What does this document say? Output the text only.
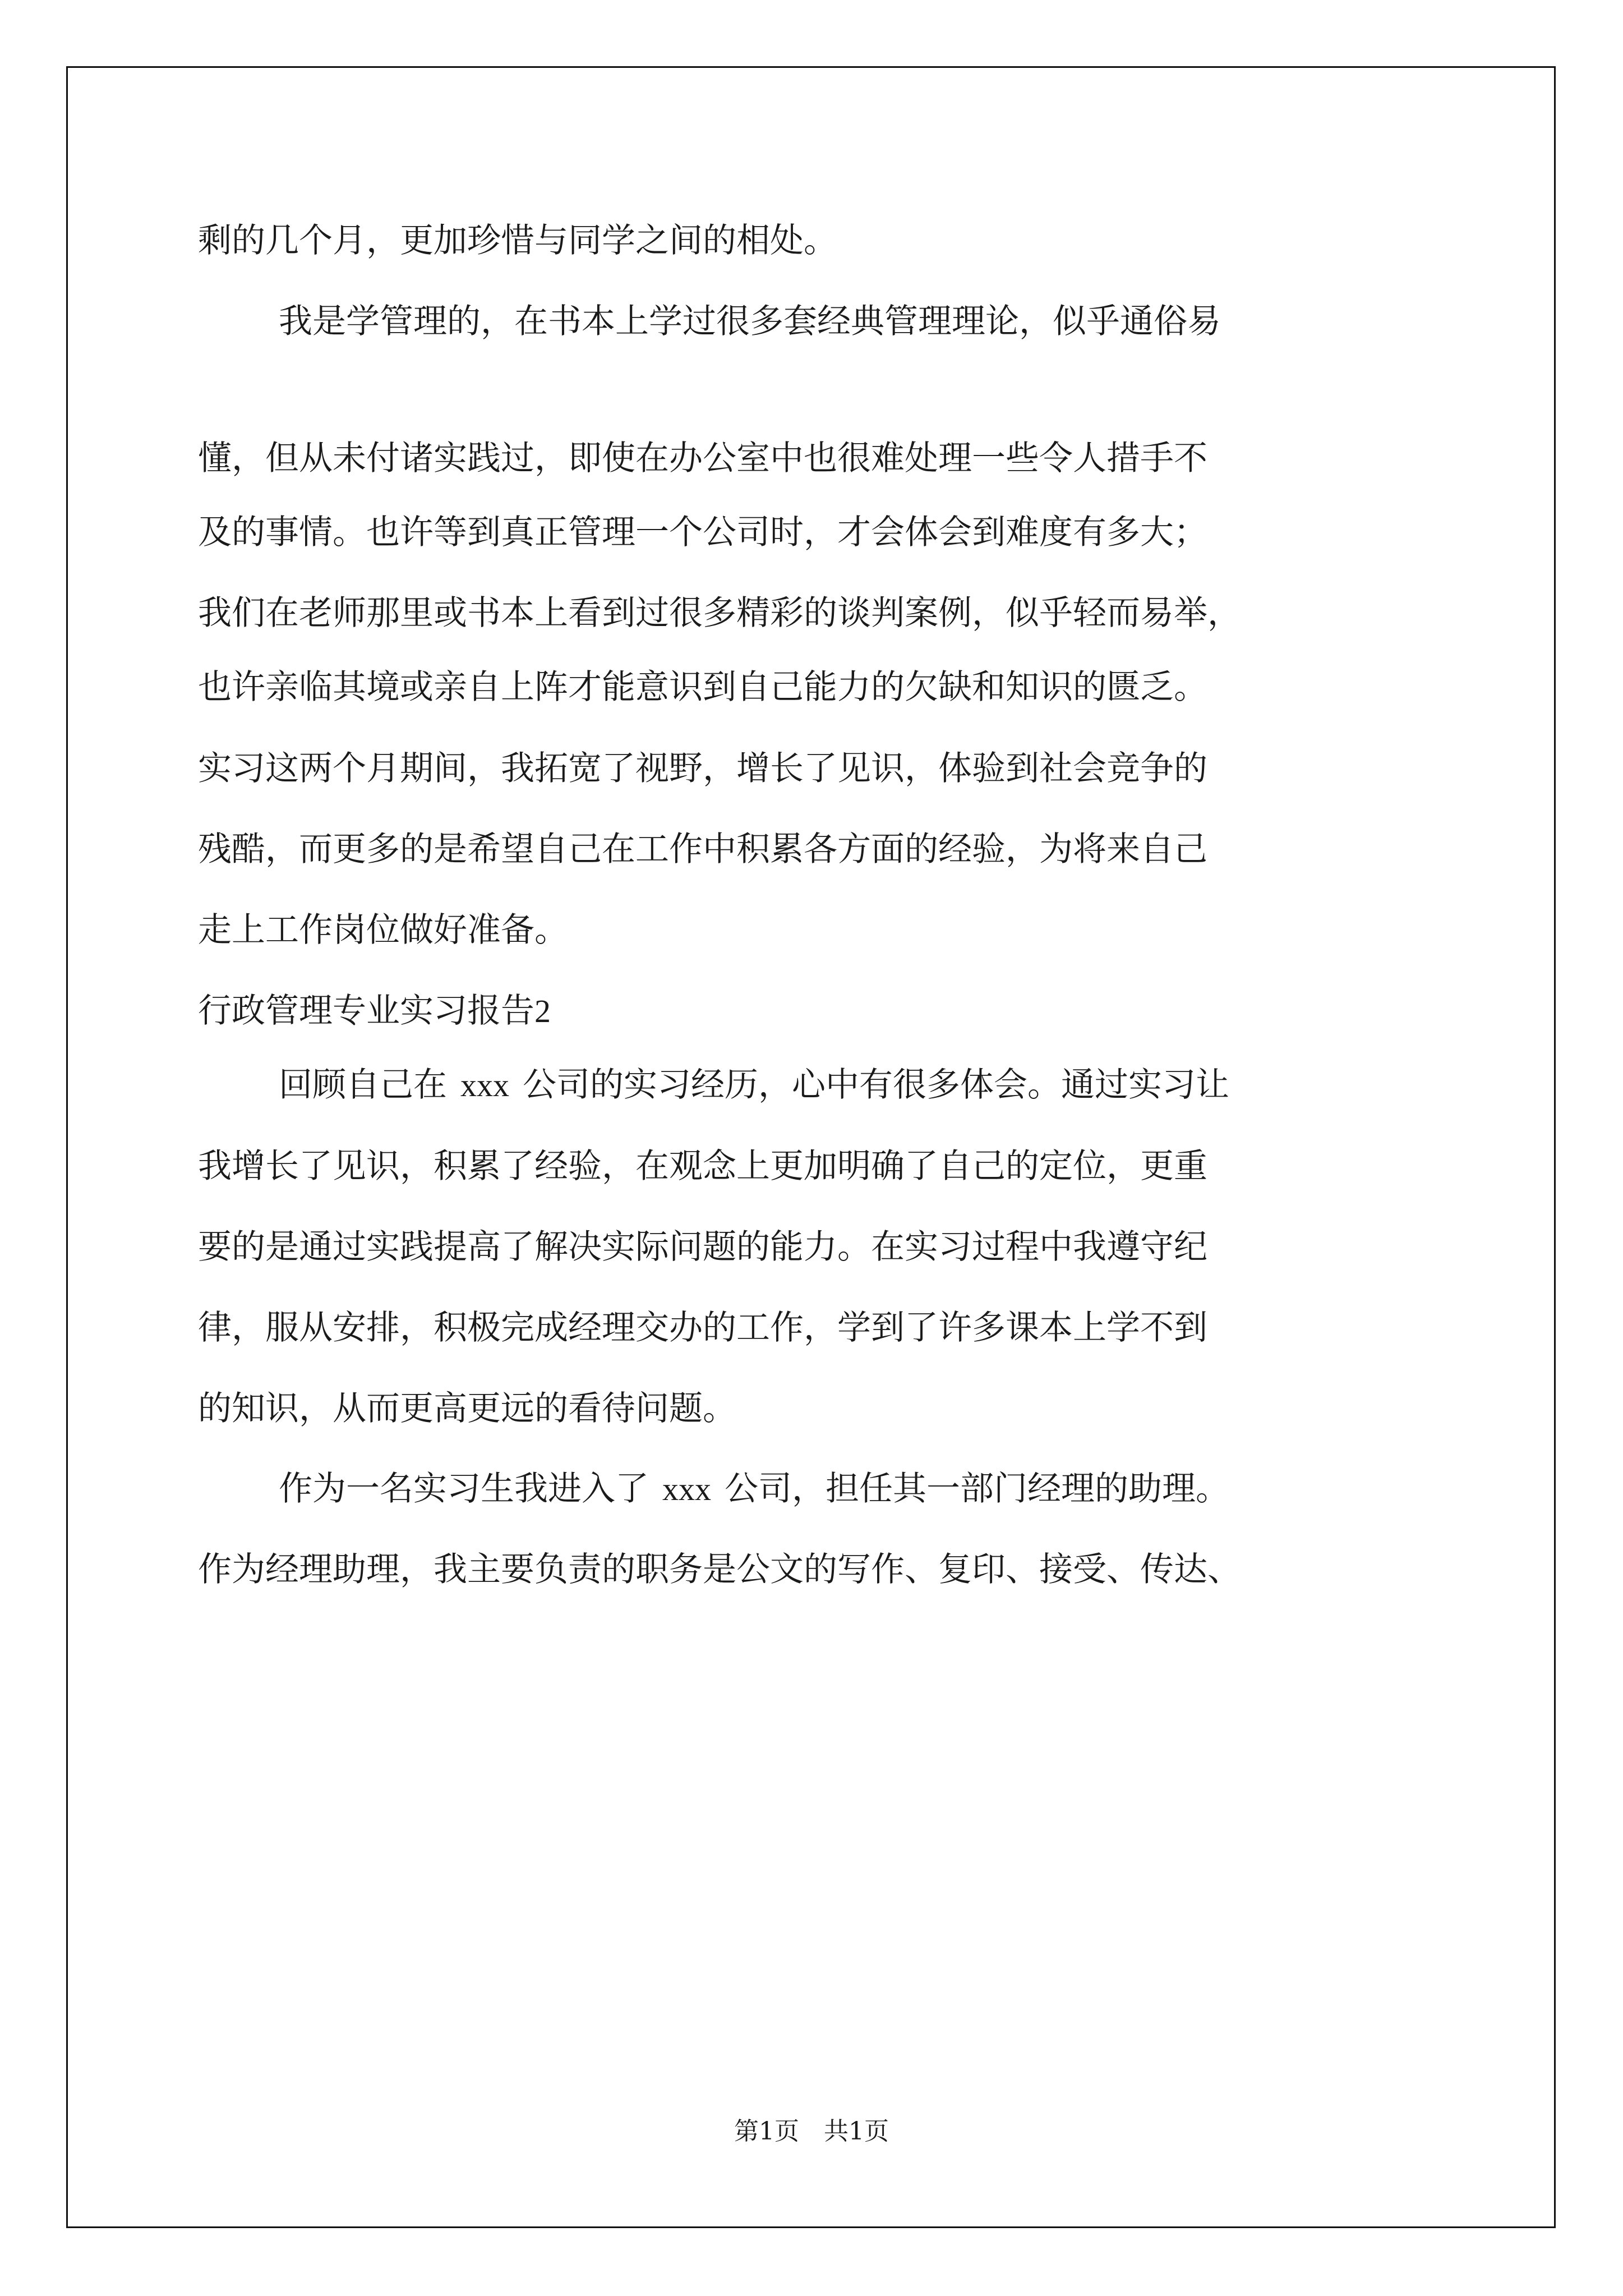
剩的几个月，更加珍惜与同学之间的相处。
我是学管理的，在书本上学过很多套经典管理理论，似乎通俗易
懂，但从未付诸实践过，即使在办公室中也很难处理一些令人措手不
及的事情。也许等到真正管理一个公司时，才会体会到难度有多大；
我们在老师那里或书本上看到过很多精彩的谈判案例，似乎轻而易举，
也许亲临其境或亲自上阵才能意识到自己能力的欠缺和知识的匮乏。
实习这两个月期间，我拓宽了视野，增长了见识，体验到社会竞争的
残酷，而更多的是希望自己在工作中积累各方面的经验，为将来自己
走上工作岗位做好准备。
行政管理专业实习报告2
回顾自己在 xxx 公司的实习经历，心中有很多体会。通过实习让
我增长了见识，积累了经验，在观念上更加明确了自己的定位，更重
要的是通过实践提高了解决实际问题的能力。在实习过程中我遵守纪
律，服从安排，积极完成经理交办的工作，学到了许多课本上学不到
的知识，从而更高更远的看待问题。
作为一名实习生我进入了 xxx 公司，担任其一部门经理的助理。
作为经理助理，我主要负责的职务是公文的写作、复印、接受、传达、
第1页　共1页
